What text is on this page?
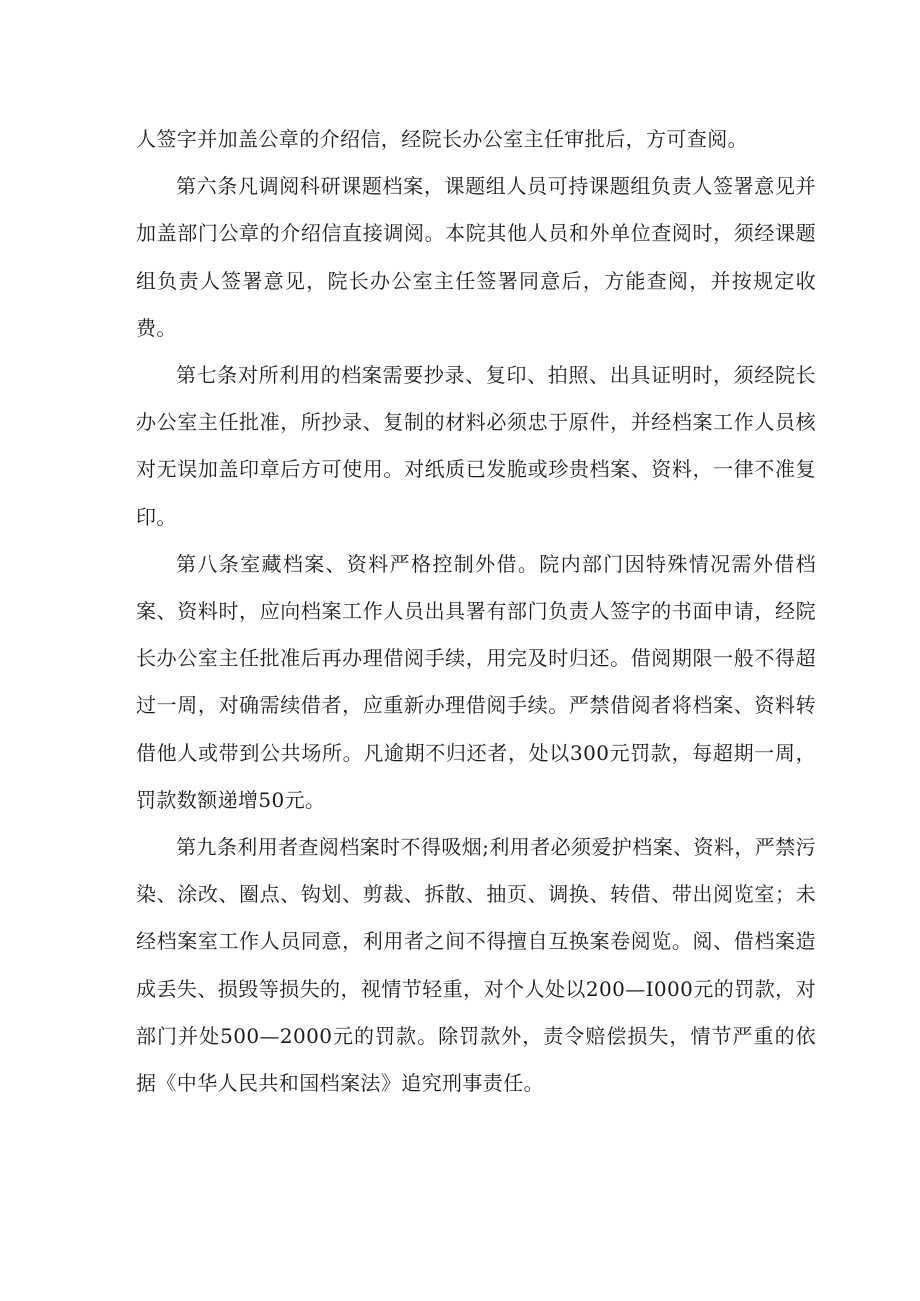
人签字并加盖公章的介绍信，经院长办公室主任审批后，方可查阅。

第六条凡调阅科研课题档案，课题组人员可持课题组负责人签署意见并加盖部门公章的介绍信直接调阅。本院其他人员和外单位查阅时，须经课题组负责人签署意见，院长办公室主任签署同意后，方能查阅，并按规定收费。

第七条对所利用的档案需要抄录、复印、拍照、出具证明时，须经院长办公室主任批准，所抄录、复制的材料必须忠于原件，并经档案工作人员核对无误加盖印章后方可使用。对纸质已发脆或珍贵档案、资料，一律不准复印。

第八条室藏档案、资料严格控制外借。院内部门因特殊情况需外借档案、资料时，应向档案工作人员出具署有部门负责人签字的书面申请，经院长办公室主任批准后再办理借阅手续，用完及时归还。借阅期限一般不得超过一周，对确需续借者，应重新办理借阅手续。严禁借阅者将档案、资料转借他人或带到公共场所。凡逾期不归还者，处以300元罚款，每超期一周，罚款数额递增50元。

第九条利用者查阅档案时不得吸烟;利用者必须爱护档案、资料，严禁污染、涂改、圈点、钩划、剪裁、拆散、抽页、调换、转借、带出阅览室；未经档案室工作人员同意，利用者之间不得擅自互换案卷阅览。阅、借档案造成丢失、损毁等损失的，视情节轻重，对个人处以200—I000元的罚款，对部门并处500—2000元的罚款。除罚款外，责令赔偿损失，情节严重的依据《中华人民共和国档案法》追究刑事责任。
